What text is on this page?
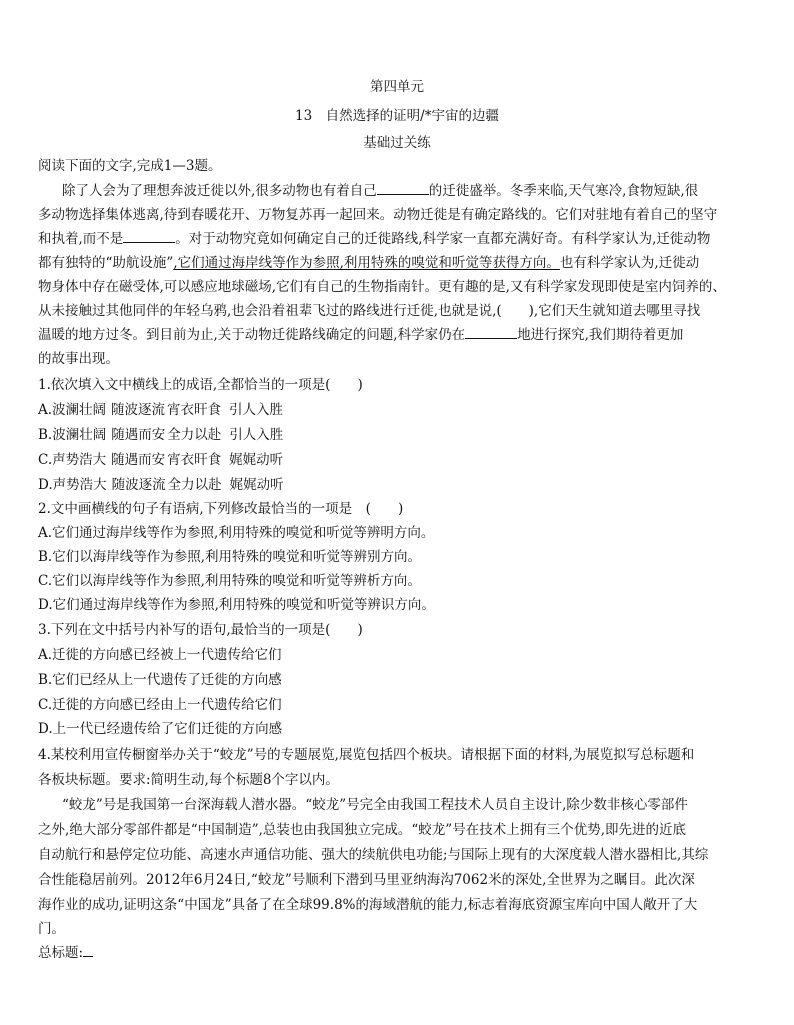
第四单元
13　自然选择的证明/*宇宙的边疆
基础过关练
阅读下面的文字,完成1—3题。
除了人会为了理想奔波迁徙以外,很多动物也有着自己	的迁徙盛举。冬季来临,天气寒冷,食物短缺,很
多动物选择集体逃离,待到春暖花开、万物复苏再一起回来。动物迁徙是有确定路线的。它们对驻地有着自己的坚守
和执着,而不是	。对于动物究竟如何确定自己的迁徙路线,科学家一直都充满好奇。有科学家认为,迁徙动物
都有独特的“助航设施”,它们通过海岸线等作为参照,利用特殊的嗅觉和听觉等获得方向。也有科学家认为,迁徙动
物身体中存在磁受体,可以感应地球磁场,它们有自己的生物指南针。更有趣的是,又有科学家发现即使是室内饲养的、
从未接触过其他同伴的年轻乌鸦,也会沿着祖辈飞过的路线进行迁徙,也就是说,(　　),它们天生就知道去哪里寻找
温暖的地方过冬。到目前为止,关于动物迁徙路线确定的问题,科学家仍在	地进行探究,我们期待着更加
的故事出现。
1.依次填入文中横线上的成语,全都恰当的一项是(　　)
A.波澜壮阔 随波逐流 宵衣旰食 引人入胜
B.波澜壮阔 随遇而安 全力以赴 引人入胜
C.声势浩大 随遇而安 宵衣旰食 娓娓动听
D.声势浩大 随波逐流 全力以赴 娓娓动听
2.文中画横线的句子有语病,下列修改最恰当的一项是　(　　)
A.它们通过海岸线等作为参照,利用特殊的嗅觉和听觉等辨明方向。
B.它们以海岸线等作为参照,利用特殊的嗅觉和听觉等辨别方向。
C.它们以海岸线等作为参照,利用特殊的嗅觉和听觉等辨析方向。
D.它们通过海岸线等作为参照,利用特殊的嗅觉和听觉等辨识方向。
3.下列在文中括号内补写的语句,最恰当的一项是(　　)
A.迁徙的方向感已经被上一代遗传给它们
B.它们已经从上一代遗传了迁徙的方向感
C.迁徙的方向感已经由上一代遗传给它们
D.上一代已经遗传给了它们迁徙的方向感
4.某校利用宣传橱窗举办关于“蛟龙”号的专题展览,展览包括四个板块。请根据下面的材料,为展览拟写总标题和
各板块标题。要求:简明生动,每个标题8个字以内。
“蛟龙”号是我国第一台深海载人潜水器。“蛟龙”号完全由我国工程技术人员自主设计,除少数非核心零部件
之外,绝大部分零部件都是“中国制造”,总装也由我国独立完成。“蛟龙”号在技术上拥有三个优势,即先进的近底
自动航行和悬停定位功能、高速水声通信功能、强大的续航供电功能;与国际上现有的大深度载人潜水器相比,其综
合性能稳居前列。2012年6月24日,“蛟龙”号顺利下潜到马里亚纳海沟7062米的深处,全世界为之瞩目。此次深
海作业的成功,证明这条“中国龙”具备了在全球99.8%的海域潜航的能力,标志着海底资源宝库向中国人敞开了大
门。
总标题:
